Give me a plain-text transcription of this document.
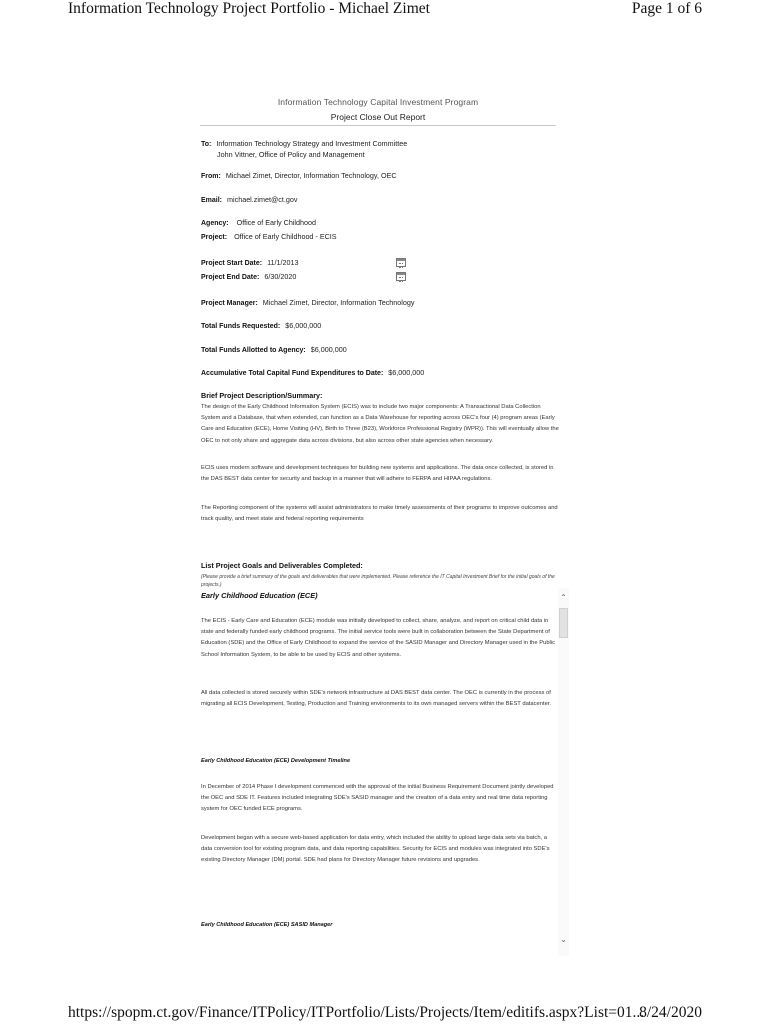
Information Technology Project Portfolio - Michael Zimet	Page 1 of 6
Information Technology Capital Investment Program
Project Close Out Report
To: Information Technology Strategy and Investment Committee
John Vittner, Office of Policy and Management
From: Michael Zimet, Director, Information Technology, OEC
Email: michael.zimet@ct.gov
Agency: Office of Early Childhood
Project: Office of Early Childhood - ECIS
Project Start Date: 11/1/2013
Project End Date: 6/30/2020
Project Manager: Michael Zimet, Director, Information Technology
Total Funds Requested: $6,000,000
Total Funds Allotted to Agency: $6,000,000
Accumulative Total Capital Fund Expenditures to Date: $6,000,000
Brief Project Description/Summary:
The design of the Early Childhood Information System (ECIS) was to include two major components: A Transactional Data Collection System and a Database, that when extended, can function as a Data Warehouse for reporting across OEC's four (4) program areas (Early Care and Education (ECE), Home Visiting (HV), Birth to Three (B23), Workforce Professional Registry (WPR)). This will eventually allow the OEC to not only share and aggregate data across divisions, but also across other state agencies when necessary.
ECIS uses modern software and development techniques for building new systems and applications. The data once collected, is stored in the DAS BEST data center for security and backup in a manner that will adhere to FERPA and HIPAA regulations.
The Reporting component of the systems will assist administrators to make timely assessments of their programs to improve outcomes and track quality, and meet state and federal reporting requirements
List Project Goals and Deliverables Completed:
(Please provide a brief summary of the goals and deliverables that were implemented. Please reference the IT Capital Investment Brief for the initial goals of the projects.)
Early Childhood Education (ECE)
The ECIS - Early Care and Education (ECE) module was initially developed to collect, share, analyze, and report on critical child data in state and federally funded early childhood programs. The initial service tools were built in collaboration between the State Department of Education (SDE) and the Office of Early Childhood to expand the service of the SASID Manager and Directory Manager used in the Public School Information System, to be able to be used by ECIS and other systems.
All data collected is stored securely within SDE's network infrastructure at DAS BEST data center. The OEC is currently in the process of migrating all ECIS Development, Testing, Production and Training environments to its own managed servers within the BEST datacenter.
Early Childhood Education (ECE) Development Timeline
In December of 2014 Phase I development commenced with the approval of the initial Business Requirement Document jointly developed the OEC and SDE IT. Features included integrating SDE's SASID manager and the creation of a data entry and real time data reporting system for OEC funded ECE programs.
Development began with a secure web-based application for data entry, which included the ability to upload large data sets via batch, a data conversion tool for existing program data, and data reporting capabilities. Security for ECIS and modules was integrated into SDE's existing Directory Manager (DM) portal. SDE had plans for Directory Manager future revisions and upgrades.
Early Childhood Education (ECE) SASID Manager
⌃
⌄
https://spopm.ct.gov/Finance/ITPolicy/ITPortfolio/Lists/Projects/Item/editifs.aspx?List=01...
8/24/2020
